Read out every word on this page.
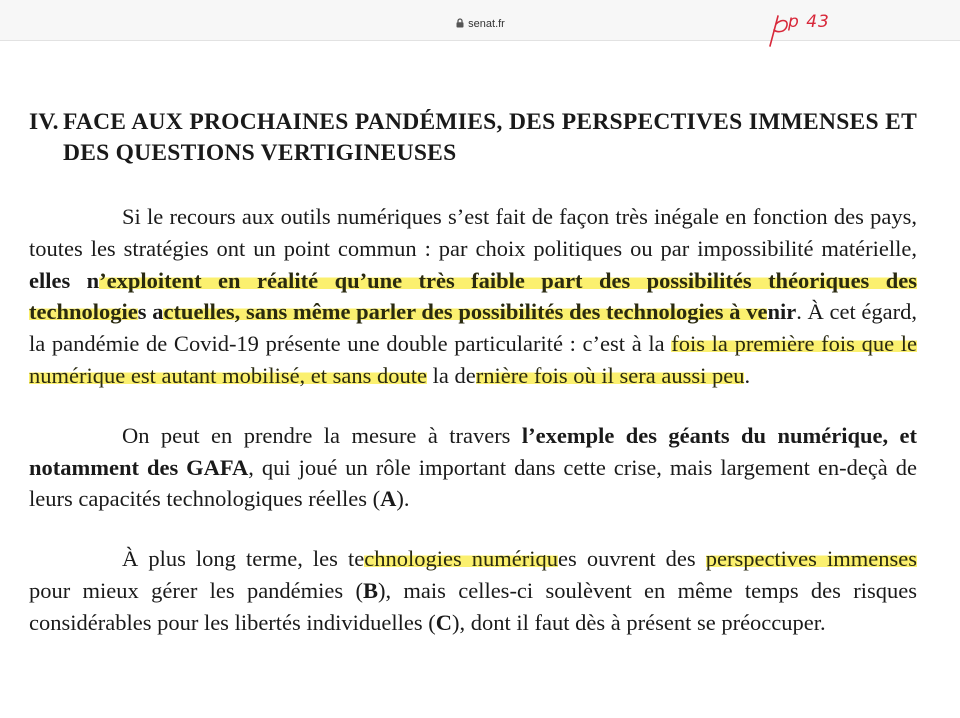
senat.fr	p 43
IV. FACE AUX PROCHAINES PANDÉMIES, DES PERSPECTIVES IMMENSES ET DES QUESTIONS VERTIGINEUSES

Si le recours aux outils numériques s’est fait de façon très inégale en fonction des pays, toutes les stratégies ont un point commun : par choix politiques ou par impossibilité matérielle, elles n’exploitent en réalité qu’une très faible part des possibilités théoriques des technologies actuelles, sans même parler des possibilités des technologies à venir. À cet égard, la pandémie de Covid-19 présente une double particularité : c’est à la fois la première fois que le numérique est autant mobilisé, et sans doute la dernière fois où il sera aussi peu.

On peut en prendre la mesure à travers l’exemple des géants du numérique, et notamment des GAFA, qui joué un rôle important dans cette crise, mais largement en-deçà de leurs capacités technologiques réelles (A).

À plus long terme, les technologies numériques ouvrent des perspectives immenses pour mieux gérer les pandémies (B), mais celles-ci soulèvent en même temps des risques considérables pour les libertés individuelles (C), dont il faut dès à présent se préoccuper.
